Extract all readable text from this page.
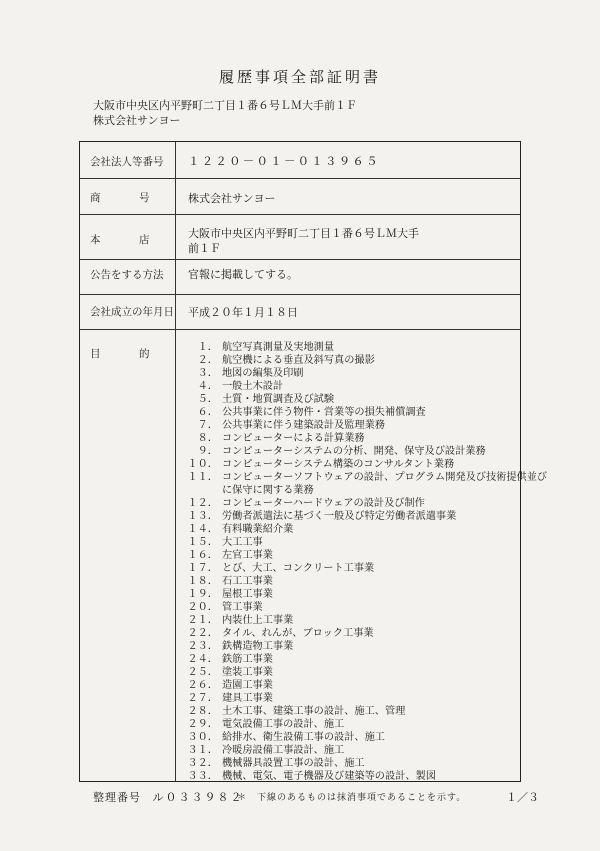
履歴事項全部証明書
大阪市中央区内平野町二丁目１番６号ＬＭ大手前１Ｆ
株式会社サンヨー
会社法人等番号 １２２０－０１－０１３９６５
商　号 株式会社サンヨー
本　店 大阪市中央区内平野町二丁目１番６号ＬＭ大手
前１Ｆ
公告をする方法 官報に掲載してする。
会社成立の年月日 平成２０年１月１８日
目　的
１． 航空写真測量及実地測量
２． 航空機による垂直及斜写真の撮影
３． 地図の編集及印刷
４． 一般土木設計
５． 土質・地質調査及び試験
６． 公共事業に伴う物件・営業等の損失補償調査
７． 公共事業に伴う建築設計及監理業務
８． コンピューターによる計算業務
９． コンピューターシステムの分析、開発、保守及び設計業務
１０． コンピューターシステム構築のコンサルタント業務
１１． コンピューターソフトウェアの設計、プログラム開発及び技術提供並び
に保守に関する業務
１２． コンピューターハードウェアの設計及び制作
１３． 労働者派遣法に基づく一般及び特定労働者派遣事業
１４． 有料職業紹介業
１５． 大工工事
１６． 左官工事業
１７． とび、大工、コンクリート工事業
１８． 石工工事業
１９． 屋根工事業
２０． 管工事業
２１． 内装仕上工事業
２２． タイル、れんが、ブロック工事業
２３． 鉄構造物工事業
２４． 鉄筋工事業
２５． 塗装工事業
２６． 造園工事業
２７． 建具工事業
２８． 土木工事、建築工事の設計、施工、管理
２９． 電気設備工事の設計、施工
３０． 給排水、衛生設備工事の設計、施工
３１． 冷暖房設備工事設計、施工
３２． 機械器具設置工事の設計、施工
３３． 機械、電気、電子機器及び建築等の設計、製図
整理番号 ル０３３９８２
＊　下線のあるものは抹消事項であることを示す。	１／３
